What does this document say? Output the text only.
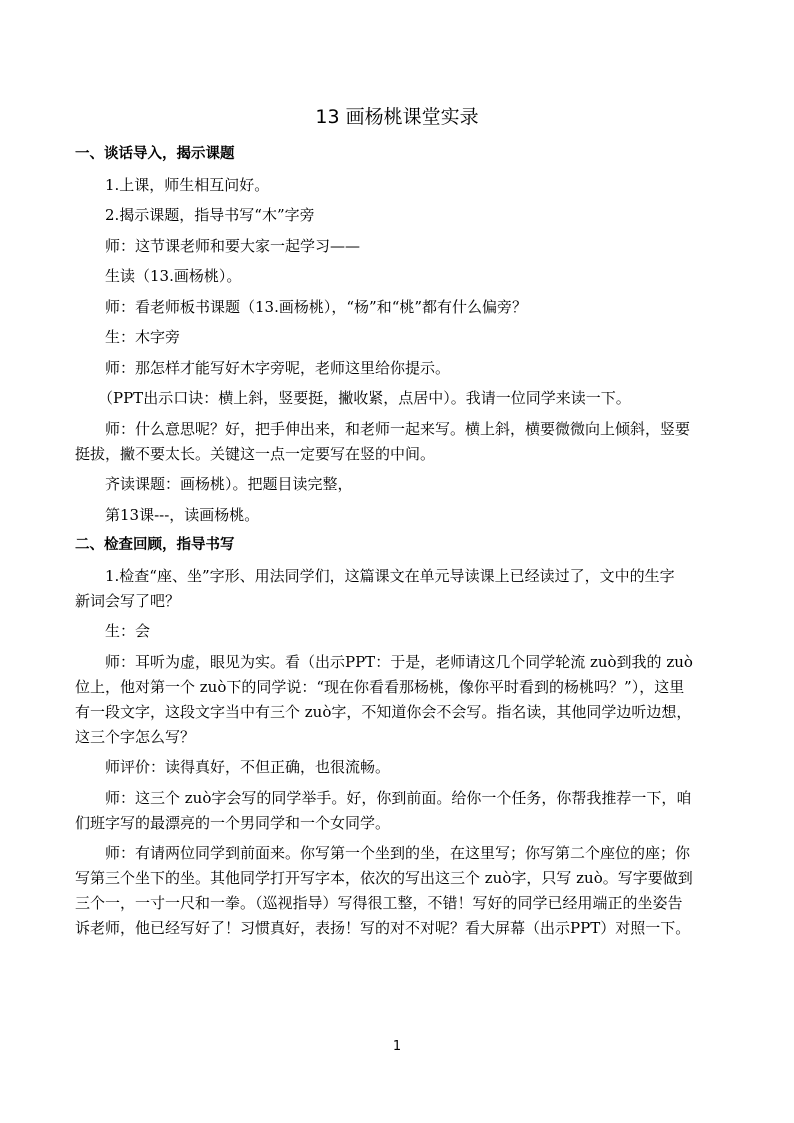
13 画杨桃课堂实录

一、谈话导入，揭示课题

1.上课，师生相互问好。

2.揭示课题，指导书写“木”字旁

师：这节课老师和要大家一起学习——

生读（13.画杨桃）。

师：看老师板书课题（13.画杨桃），“杨”和“桃”都有什么偏旁？

生：木字旁

师：那怎样才能写好木字旁呢，老师这里给你提示。

（PPT出示口诀：横上斜，竖要挺，撇收紧，点居中）。我请一位同学来读一下。

师：什么意思呢？好，把手伸出来，和老师一起来写。横上斜，横要微微向上倾斜，竖要

挺拔，撇不要太长。关键这一点一定要写在竖的中间。

齐读课题：画杨桃）。把题目读完整，

第13课---，读画杨桃。

二、检查回顾，指导书写

1.检查“座、坐”字形、用法同学们，这篇课文在单元导读课上已经读过了，文中的生字

新词会写了吧？

生：会

师：耳听为虚，眼见为实。看（出示PPT：于是，老师请这几个同学轮流 zuò到我的 zuò

位上，他对第一个 zuò下的同学说：“现在你看看那杨桃，像你平时看到的杨桃吗？”），这里

有一段文字，这段文字当中有三个 zuò字，不知道你会不会写。指名读，其他同学边听边想，

这三个字怎么写？

师评价：读得真好，不但正确，也很流畅。

师：这三个 zuò字会写的同学举手。好，你到前面。给你一个任务，你帮我推荐一下，咱

们班字写的最漂亮的一个男同学和一个女同学。

师：有请两位同学到前面来。你写第一个坐到的坐，在这里写；你写第二个座位的座；你

写第三个坐下的坐。其他同学打开写字本，依次的写出这三个 zuò字，只写 zuò。写字要做到

三个一，一寸一尺和一拳。（巡视指导）写得很工整，不错！写好的同学已经用端正的坐姿告

诉老师，他已经写好了！习惯真好，表扬！写的对不对呢？看大屏幕（出示PPT）对照一下。

1
